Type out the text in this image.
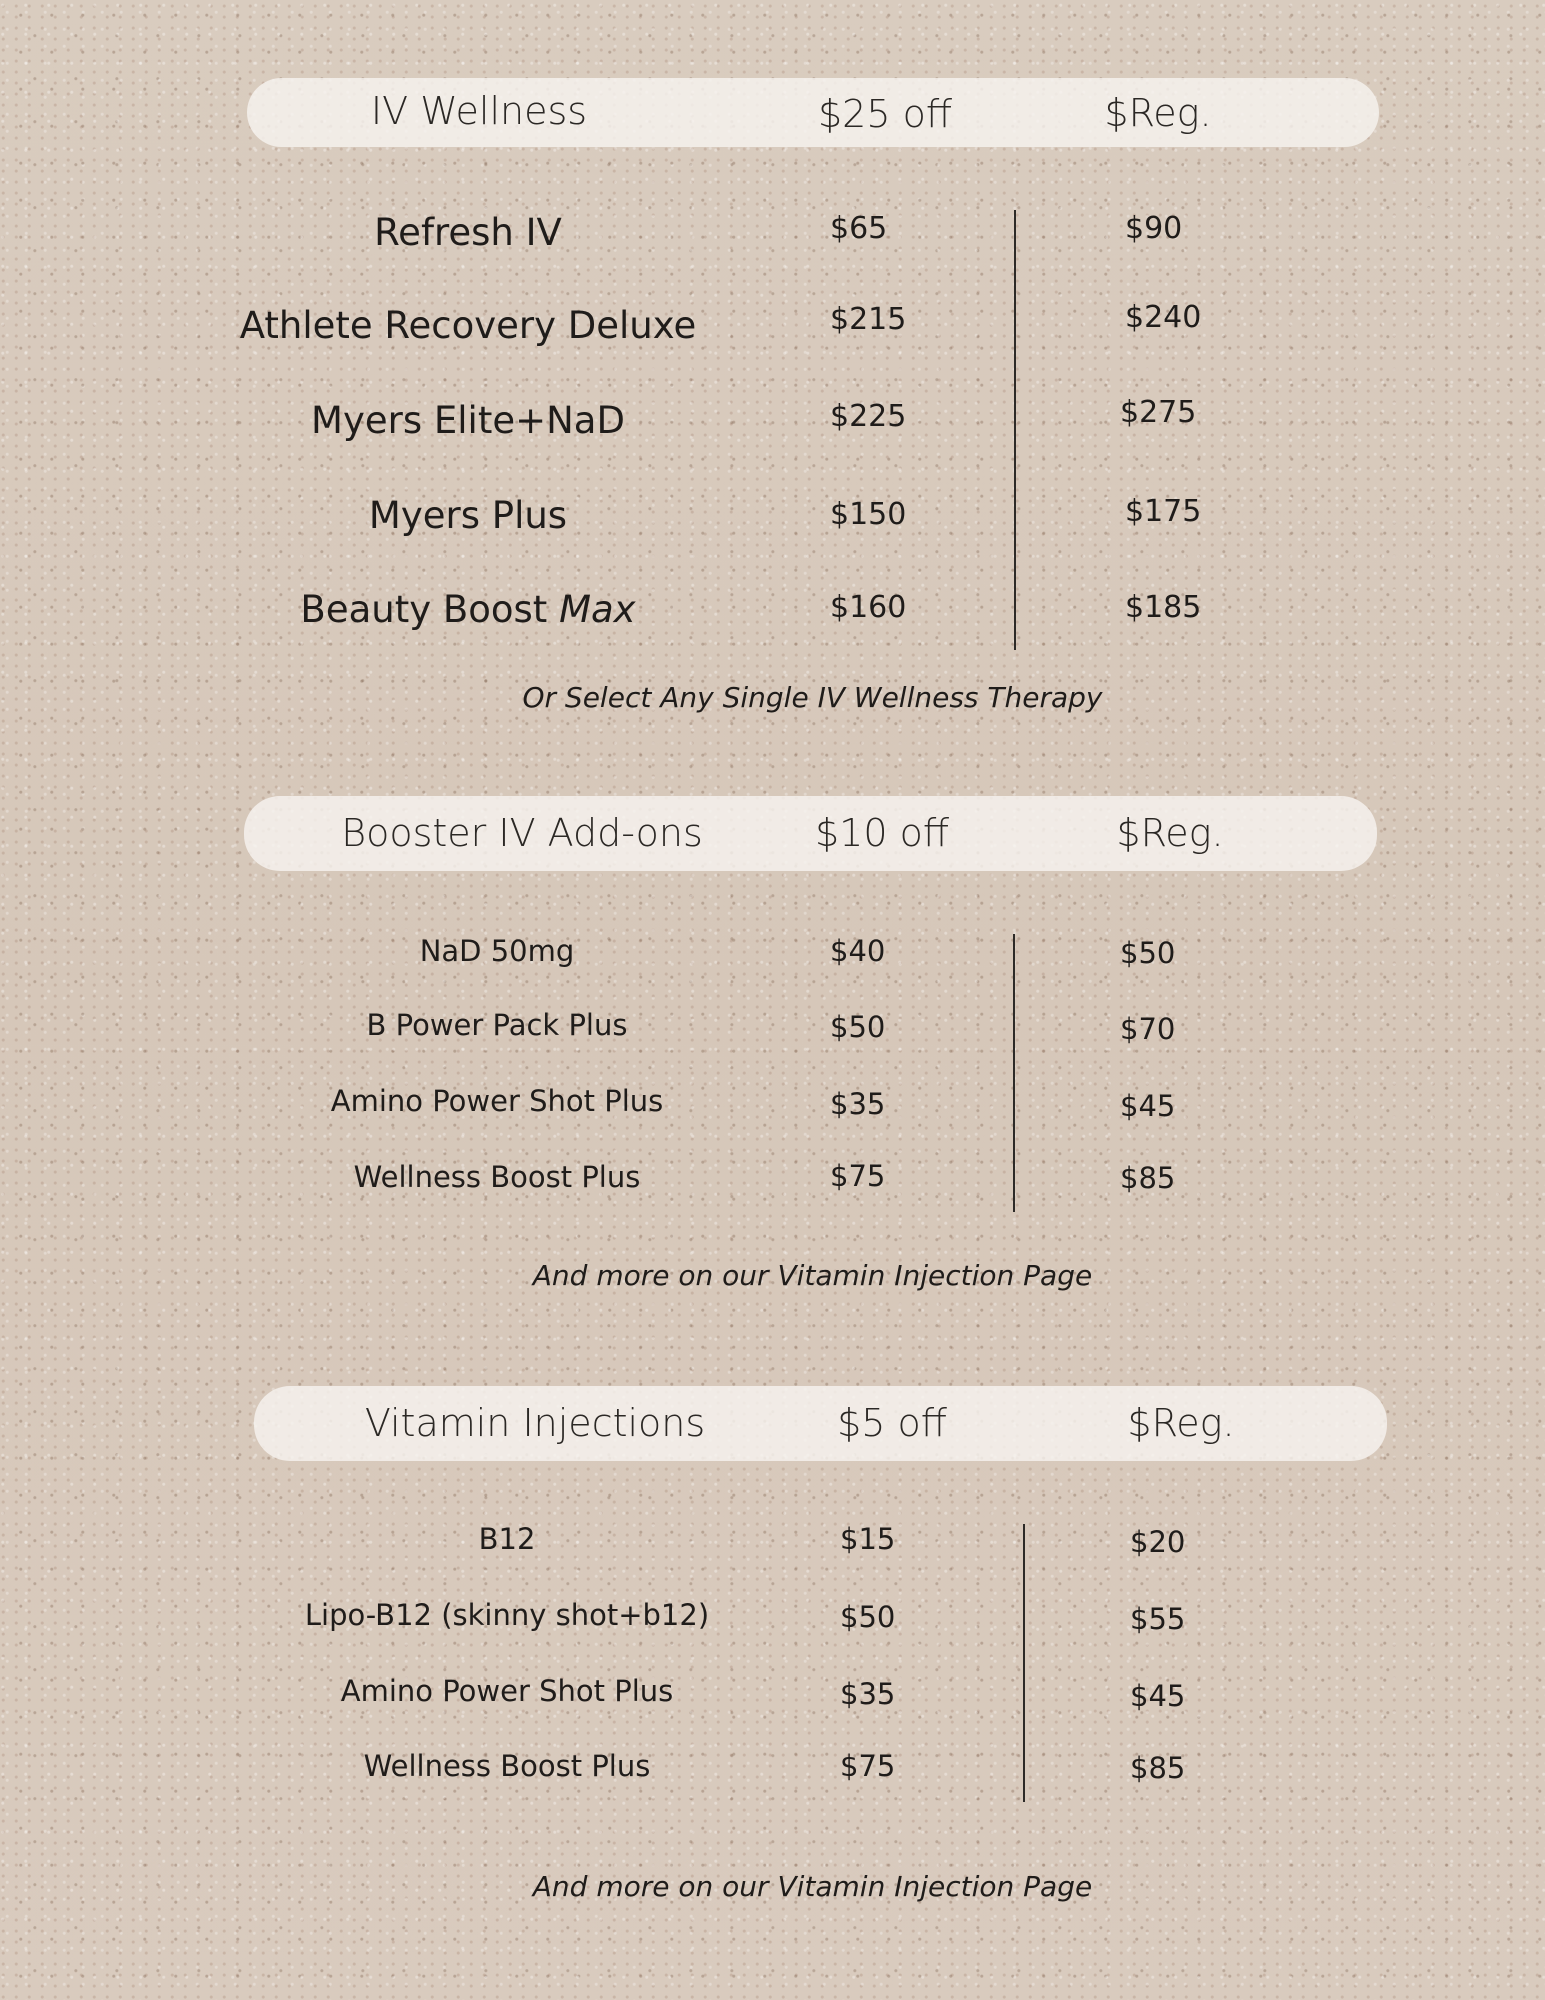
IV Wellness	$25 off	$Reg.
Refresh IV	$65	$90
Athlete Recovery Deluxe	$215	$240
Myers Elite+NaD	$225	$275
Myers Plus	$150	$175
Beauty Boost Max	$160	$185
Or Select Any Single IV Wellness Therapy
Booster IV Add-ons	$10 off	$Reg.
NaD 50mg	$40	$50
B Power Pack Plus	$50	$70
Amino Power Shot Plus	$35	$45
Wellness Boost Plus	$75	$85
And more on our Vitamin Injection Page
Vitamin Injections	$5 off	$Reg.
B12	$15	$20
Lipo-B12 (skinny shot+b12)	$50	$55
Amino Power Shot Plus	$35	$45
Wellness Boost Plus	$75	$85
And more on our Vitamin Injection Page
